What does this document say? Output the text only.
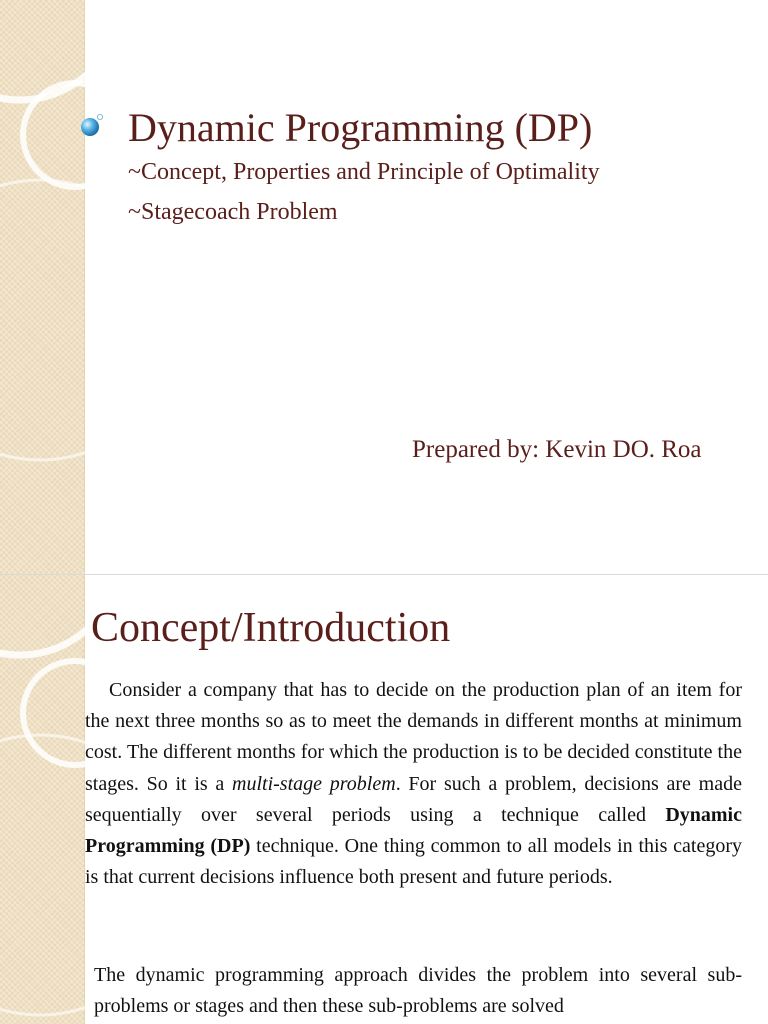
Dynamic Programming (DP)

~Concept, Properties and Principle of Optimality

~Stagecoach Problem

Prepared by: Kevin DO. Roa
Concept/Introduction

Consider a company that has to decide on the production plan of an item for the next three months so as to meet the demands in different months at minimum cost. The different months for which the production is to be decided constitute the stages. So it is a multi-stage problem. For such a problem, decisions are made sequentially over several periods using a technique called Dynamic Programming (DP) technique. One thing common to all models in this category is that current decisions influence both present and future periods.

The dynamic programming approach divides the problem into several sub-problems or stages and then these sub-problems are solved
